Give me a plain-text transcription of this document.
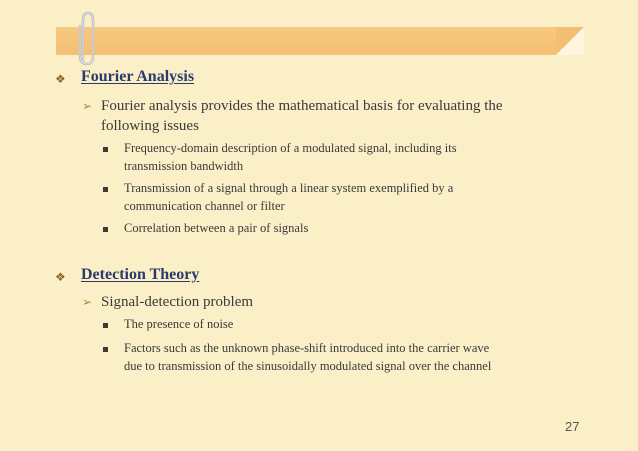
❖ Fourier Analysis

➢ Fourier analysis provides the mathematical basis for evaluating the

following issues

Frequency-domain description of a modulated signal, including its

transmission bandwidth

Transmission of a signal through a linear system exemplified by a

communication channel or filter

Correlation between a pair of signals

❖ Detection Theory

➢ Signal-detection problem

The presence of noise

Factors such as the unknown phase-shift introduced into the carrier wave

due to transmission of the sinusoidally modulated signal over the channel

27
